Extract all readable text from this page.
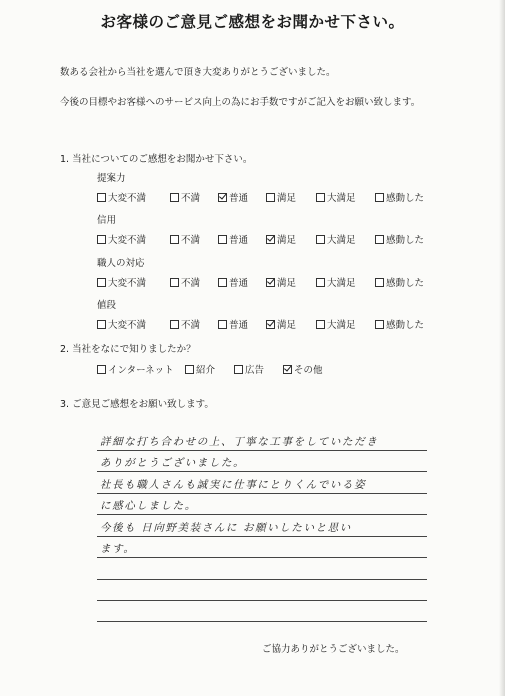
お客様のご意見ご感想をお聞かせ下さい。
数ある会社から当社を選んで頂き大変ありがとうございました。
今後の目標やお客様へのサービス向上の為にお手数ですがご記入をお願い致します。
1. 当社についてのご感想をお聞かせ下さい。
提案力
大変不満	不満	普通	満足	大満足	感動した
信用
大変不満	不満	普通	満足	大満足	感動した
職人の対応
大変不満	不満	普通	満足	大満足	感動した
値段
大変不満	不満	普通	満足	大満足	感動した
2. 当社をなにで知りましたか？
インターネット 紹介	広告	その他
3. ご意見ご感想をお願い致します。
詳細な打ち合わせの上、丁寧な工事をしていただき
ありがとうございました。
社長も職人さんも誠実に仕事にとりくんでいる姿
に感心しました。
今後も 日向野美装さんに お願いしたいと思い
ます。
ご協力ありがとうございました。
